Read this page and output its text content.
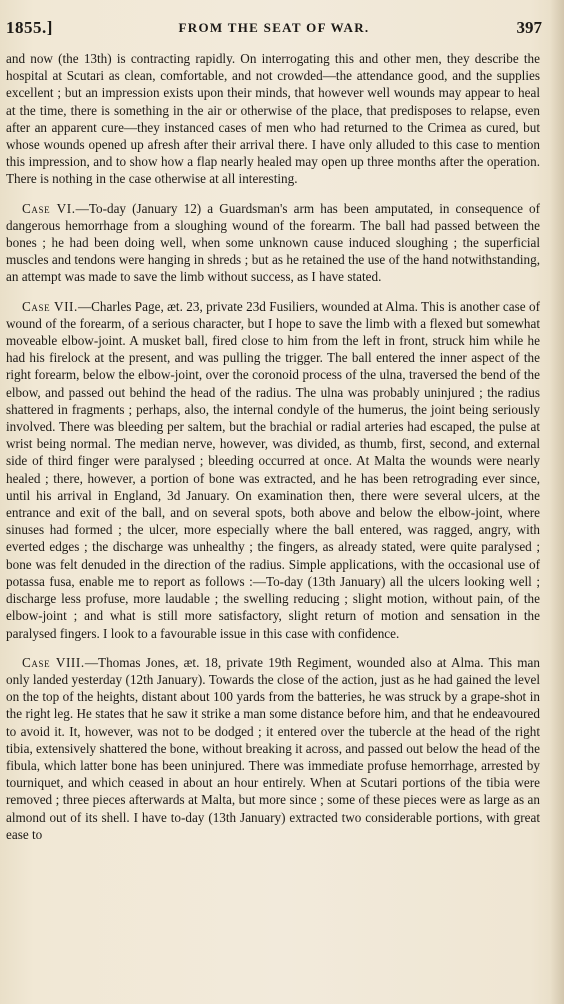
1855.]	FROM THE SEAT OF WAR.	397

and now (the 13th) is contracting rapidly. On interrogating this and other men, they describe the hospital at Scutari as clean, comfortable, and not crowded—the attendance good, and the supplies excellent ; but an impression exists upon their minds, that however well wounds may appear to heal at the time, there is something in the air or otherwise of the place, that predisposes to relapse, even after an apparent cure—they instanced cases of men who had returned to the Crimea as cured, but whose wounds opened up afresh after their arrival there. I have only alluded to this case to mention this impression, and to show how a flap nearly healed may open up three months after the operation. There is nothing in the case otherwise at all interesting.

Case VI.—To-day (January 12) a Guardsman's arm has been amputated, in consequence of dangerous hemorrhage from a sloughing wound of the forearm. The ball had passed between the bones ; he had been doing well, when some unknown cause induced sloughing ; the superficial muscles and tendons were hanging in shreds ; but as he retained the use of the hand notwithstanding, an attempt was made to save the limb without success, as I have stated.

Case VII.—Charles Page, æt. 23, private 23d Fusiliers, wounded at Alma. This is another case of wound of the forearm, of a serious character, but I hope to save the limb with a flexed but somewhat moveable elbow-joint. A musket ball, fired close to him from the left in front, struck him while he had his firelock at the present, and was pulling the trigger. The ball entered the inner aspect of the right forearm, below the elbow-joint, over the coronoid process of the ulna, traversed the bend of the elbow, and passed out behind the head of the radius. The ulna was probably uninjured ; the radius shattered in fragments ; perhaps, also, the internal condyle of the humerus, the joint being seriously involved. There was bleeding per saltem, but the brachial or radial arteries had escaped, the pulse at wrist being normal. The median nerve, however, was divided, as thumb, first, second, and external side of third finger were paralysed ; bleeding occurred at once. At Malta the wounds were nearly healed ; there, however, a portion of bone was extracted, and he has been retrograding ever since, until his arrival in England, 3d January. On examination then, there were several ulcers, at the entrance and exit of the ball, and on several spots, both above and below the elbow-joint, where sinuses had formed ; the ulcer, more especially where the ball entered, was ragged, angry, with everted edges ; the discharge was unhealthy ; the fingers, as already stated, were quite paralysed ; bone was felt denuded in the direction of the radius. Simple applications, with the occasional use of potassa fusa, enable me to report as follows :—To-day (13th January) all the ulcers looking well ; discharge less profuse, more laudable ; the swelling reducing ; slight motion, without pain, of the elbow-joint ; and what is still more satisfactory, slight return of motion and sensation in the paralysed fingers. I look to a favourable issue in this case with confidence.

Case VIII.—Thomas Jones, æt. 18, private 19th Regiment, wounded also at Alma. This man only landed yesterday (12th January). Towards the close of the action, just as he had gained the level on the top of the heights, distant about 100 yards from the batteries, he was struck by a grape-shot in the right leg. He states that he saw it strike a man some distance before him, and that he endeavoured to avoid it. It, however, was not to be dodged ; it entered over the tubercle at the head of the right tibia, extensively shattered the bone, without breaking it across, and passed out below the head of the fibula, which latter bone has been uninjured. There was immediate profuse hemorrhage, arrested by tourniquet, and which ceased in about an hour entirely. When at Scutari portions of the tibia were removed ; three pieces afterwards at Malta, but more since ; some of these pieces were as large as an almond out of its shell. I have to-day (13th January) extracted two considerable portions, with great ease to
